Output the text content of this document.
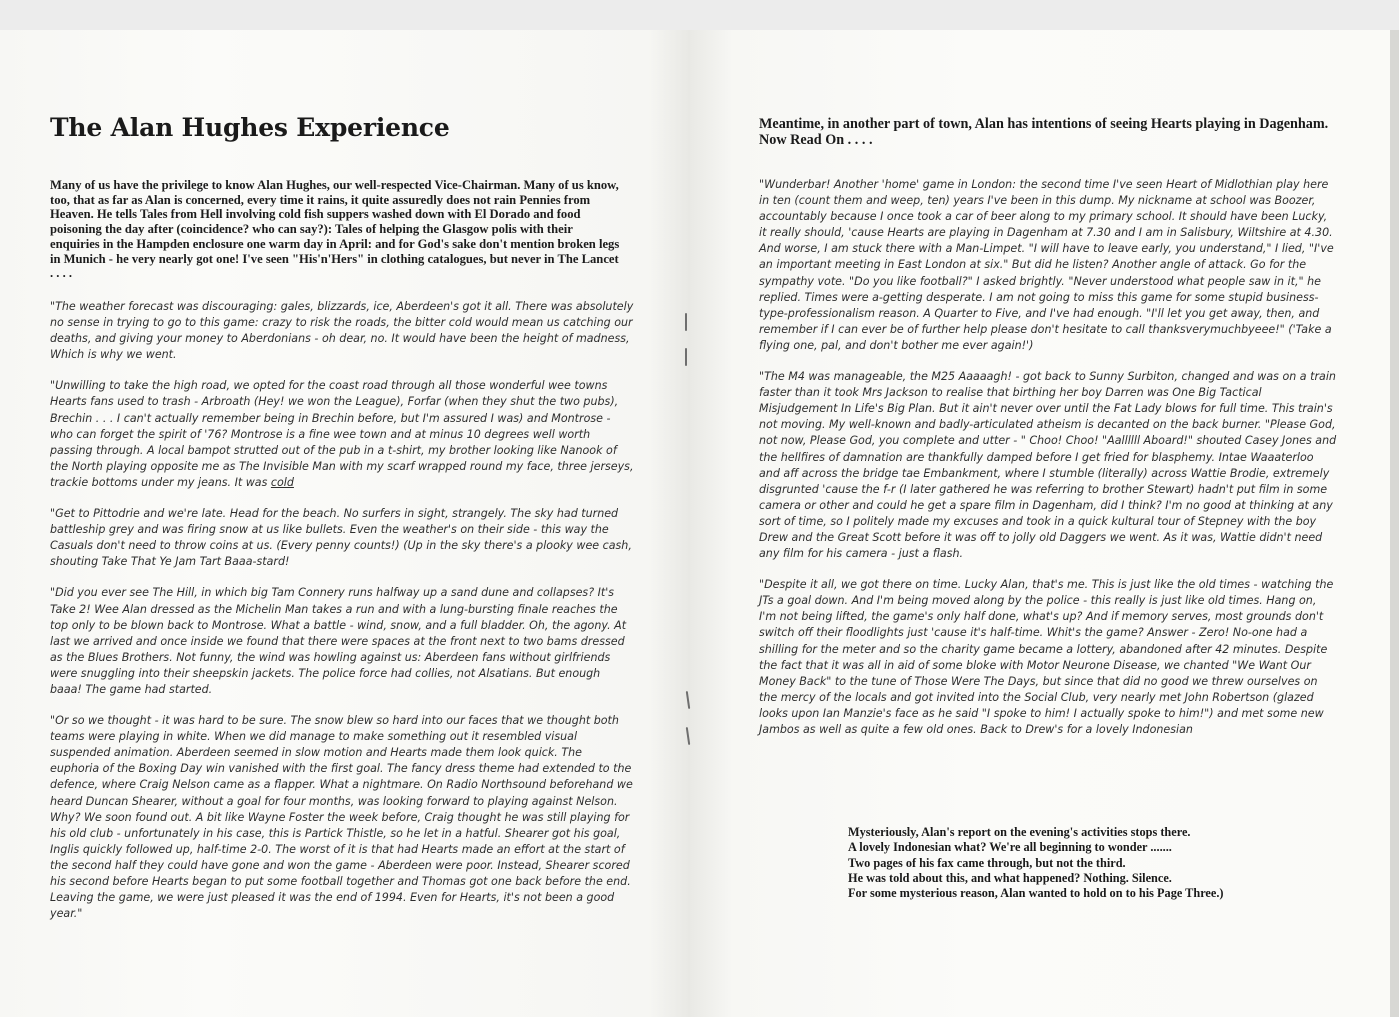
The Alan Hughes Experience

Many of us have the privilege to know Alan Hughes, our well-respected Vice-Chairman. Many of us know, too, that as far as Alan is concerned, every time it rains, it quite assuredly does not rain Pennies from Heaven. He tells Tales from Hell involving cold fish suppers washed down with El Dorado and food poisoning the day after (coincidence? who can say?): Tales of helping the Glasgow polis with their enquiries in the Hampden enclosure one warm day in April: and for God's sake don't mention broken legs in Munich - he very nearly got one! I've seen "His'n'Hers" in clothing catalogues, but never in The Lancet . . . .

"The weather forecast was discouraging: gales, blizzards, ice, Aberdeen's got it all. There was absolutely no sense in trying to go to this game: crazy to risk the roads, the bitter cold would mean us catching our deaths, and giving your money to Aberdonians - oh dear, no. It would have been the height of madness, Which is why we went.

"Unwilling to take the high road, we opted for the coast road through all those wonderful wee towns Hearts fans used to trash - Arbroath (Hey! we won the League), Forfar (when they shut the two pubs), Brechin . . . I can't actually remember being in Brechin before, but I'm assured I was) and Montrose - who can forget the spirit of '76? Montrose is a fine wee town and at minus 10 degrees well worth passing through. A local bampot strutted out of the pub in a t-shirt, my brother looking like Nanook of the North playing opposite me as The Invisible Man with my scarf wrapped round my face, three jerseys, trackie bottoms under my jeans. It was cold

"Get to Pittodrie and we're late. Head for the beach. No surfers in sight, strangely. The sky had turned battleship grey and was firing snow at us like bullets. Even the weather's on their side - this way the Casuals don't need to throw coins at us. (Every penny counts!) (Up in the sky there's a plooky wee cash, shouting Take That Ye Jam Tart Baaa-stard!

"Did you ever see The Hill, in which big Tam Connery runs halfway up a sand dune and collapses? It's Take 2! Wee Alan dressed as the Michelin Man takes a run and with a lung-bursting finale reaches the top only to be blown back to Montrose. What a battle - wind, snow, and a full bladder. Oh, the agony. At last we arrived and once inside we found that there were spaces at the front next to two bams dressed as the Blues Brothers. Not funny, the wind was howling against us: Aberdeen fans without girlfriends were snuggling into their sheepskin jackets. The police force had collies, not Alsatians. But enough baaa! The game had started.

"Or so we thought - it was hard to be sure. The snow blew so hard into our faces that we thought both teams were playing in white. When we did manage to make something out it resembled visual suspended animation. Aberdeen seemed in slow motion and Hearts made them look quick. The euphoria of the Boxing Day win vanished with the first goal. The fancy dress theme had extended to the defence, where Craig Nelson came as a flapper. What a nightmare. On Radio Northsound beforehand we heard Duncan Shearer, without a goal for four months, was looking forward to playing against Nelson. Why? We soon found out. A bit like Wayne Foster the week before, Craig thought he was still playing for his old club - unfortunately in his case, this is Partick Thistle, so he let in a hatful. Shearer got his goal, Inglis quickly followed up, half-time 2-0. The worst of it is that had Hearts made an effort at the start of the second half they could have gone and won the game - Aberdeen were poor. Instead, Shearer scored his second before Hearts began to put some football together and Thomas got one back before the end. Leaving the game, we were just pleased it was the end of 1994. Even for Hearts, it's not been a good year."

Meantime, in another part of town, Alan has intentions of seeing Hearts playing in Dagenham. Now Read On . . . .

"Wunderbar! Another 'home' game in London: the second time I've seen Heart of Midlothian play here in ten (count them and weep, ten) years I've been in this dump. My nickname at school was Boozer, accountably because I once took a car of beer along to my primary school. It should have been Lucky, it really should, 'cause Hearts are playing in Dagenham at 7.30 and I am in Salisbury, Wiltshire at 4.30. And worse, I am stuck there with a Man-Limpet. "I will have to leave early, you understand," I lied, "I've an important meeting in East London at six." But did he listen? Another angle of attack. Go for the sympathy vote. "Do you like football?" I asked brightly. "Never understood what people saw in it," he replied. Times were a-getting desperate. I am not going to miss this game for some stupid business-type-professionalism reason. A Quarter to Five, and I've had enough. "I'll let you get away, then, and remember if I can ever be of further help please don't hesitate to call thanksverymuchbyeee!" ('Take a flying one, pal, and don't bother me ever again!')

"The M4 was manageable, the M25 Aaaaagh! - got back to Sunny Surbiton, changed and was on a train faster than it took Mrs Jackson to realise that birthing her boy Darren was One Big Tactical Misjudgement In Life's Big Plan. But it ain't never over until the Fat Lady blows for full time. This train's not moving. My well-known and badly-articulated atheism is decanted on the back burner. "Please God, not now, Please God, you complete and utter - " Choo! Choo! "Aallllll Aboard!" shouted Casey Jones and the hellfires of damnation are thankfully damped before I get fried for blasphemy. Intae Waaaterloo and aff across the bridge tae Embankment, where I stumble (literally) across Wattie Brodie, extremely disgrunted 'cause the f-r (I later gathered he was referring to brother Stewart) hadn't put film in some camera or other and could he get a spare film in Dagenham, did I think? I'm no good at thinking at any sort of time, so I politely made my excuses and took in a quick kultural tour of Stepney with the boy Drew and the Great Scott before it was off to jolly old Daggers we went. As it was, Wattie didn't need any film for his camera - just a flash.

"Despite it all, we got there on time. Lucky Alan, that's me. This is just like the old times - watching the JTs a goal down. And I'm being moved along by the police - this really is just like old times. Hang on, I'm not being lifted, the game's only half done, what's up? And if memory serves, most grounds don't switch off their floodlights just 'cause it's half-time. Whit's the game? Answer - Zero! No-one had a shilling for the meter and so the charity game became a lottery, abandoned after 42 minutes. Despite the fact that it was all in aid of some bloke with Motor Neurone Disease, we chanted "We Want Our Money Back" to the tune of Those Were The Days, but since that did no good we threw ourselves on the mercy of the locals and got invited into the Social Club, very nearly met John Robertson (glazed looks upon Ian Manzie's face as he said "I spoke to him! I actually spoke to him!") and met some new Jambos as well as quite a few old ones. Back to Drew's for a lovely Indonesian

Mysteriously, Alan's report on the evening's activities stops there.
A lovely Indonesian what? We're all beginning to wonder .......
Two pages of his fax came through, but not the third.
He was told about this, and what happened? Nothing. Silence.
For some mysterious reason, Alan wanted to hold on to his Page Three.)
